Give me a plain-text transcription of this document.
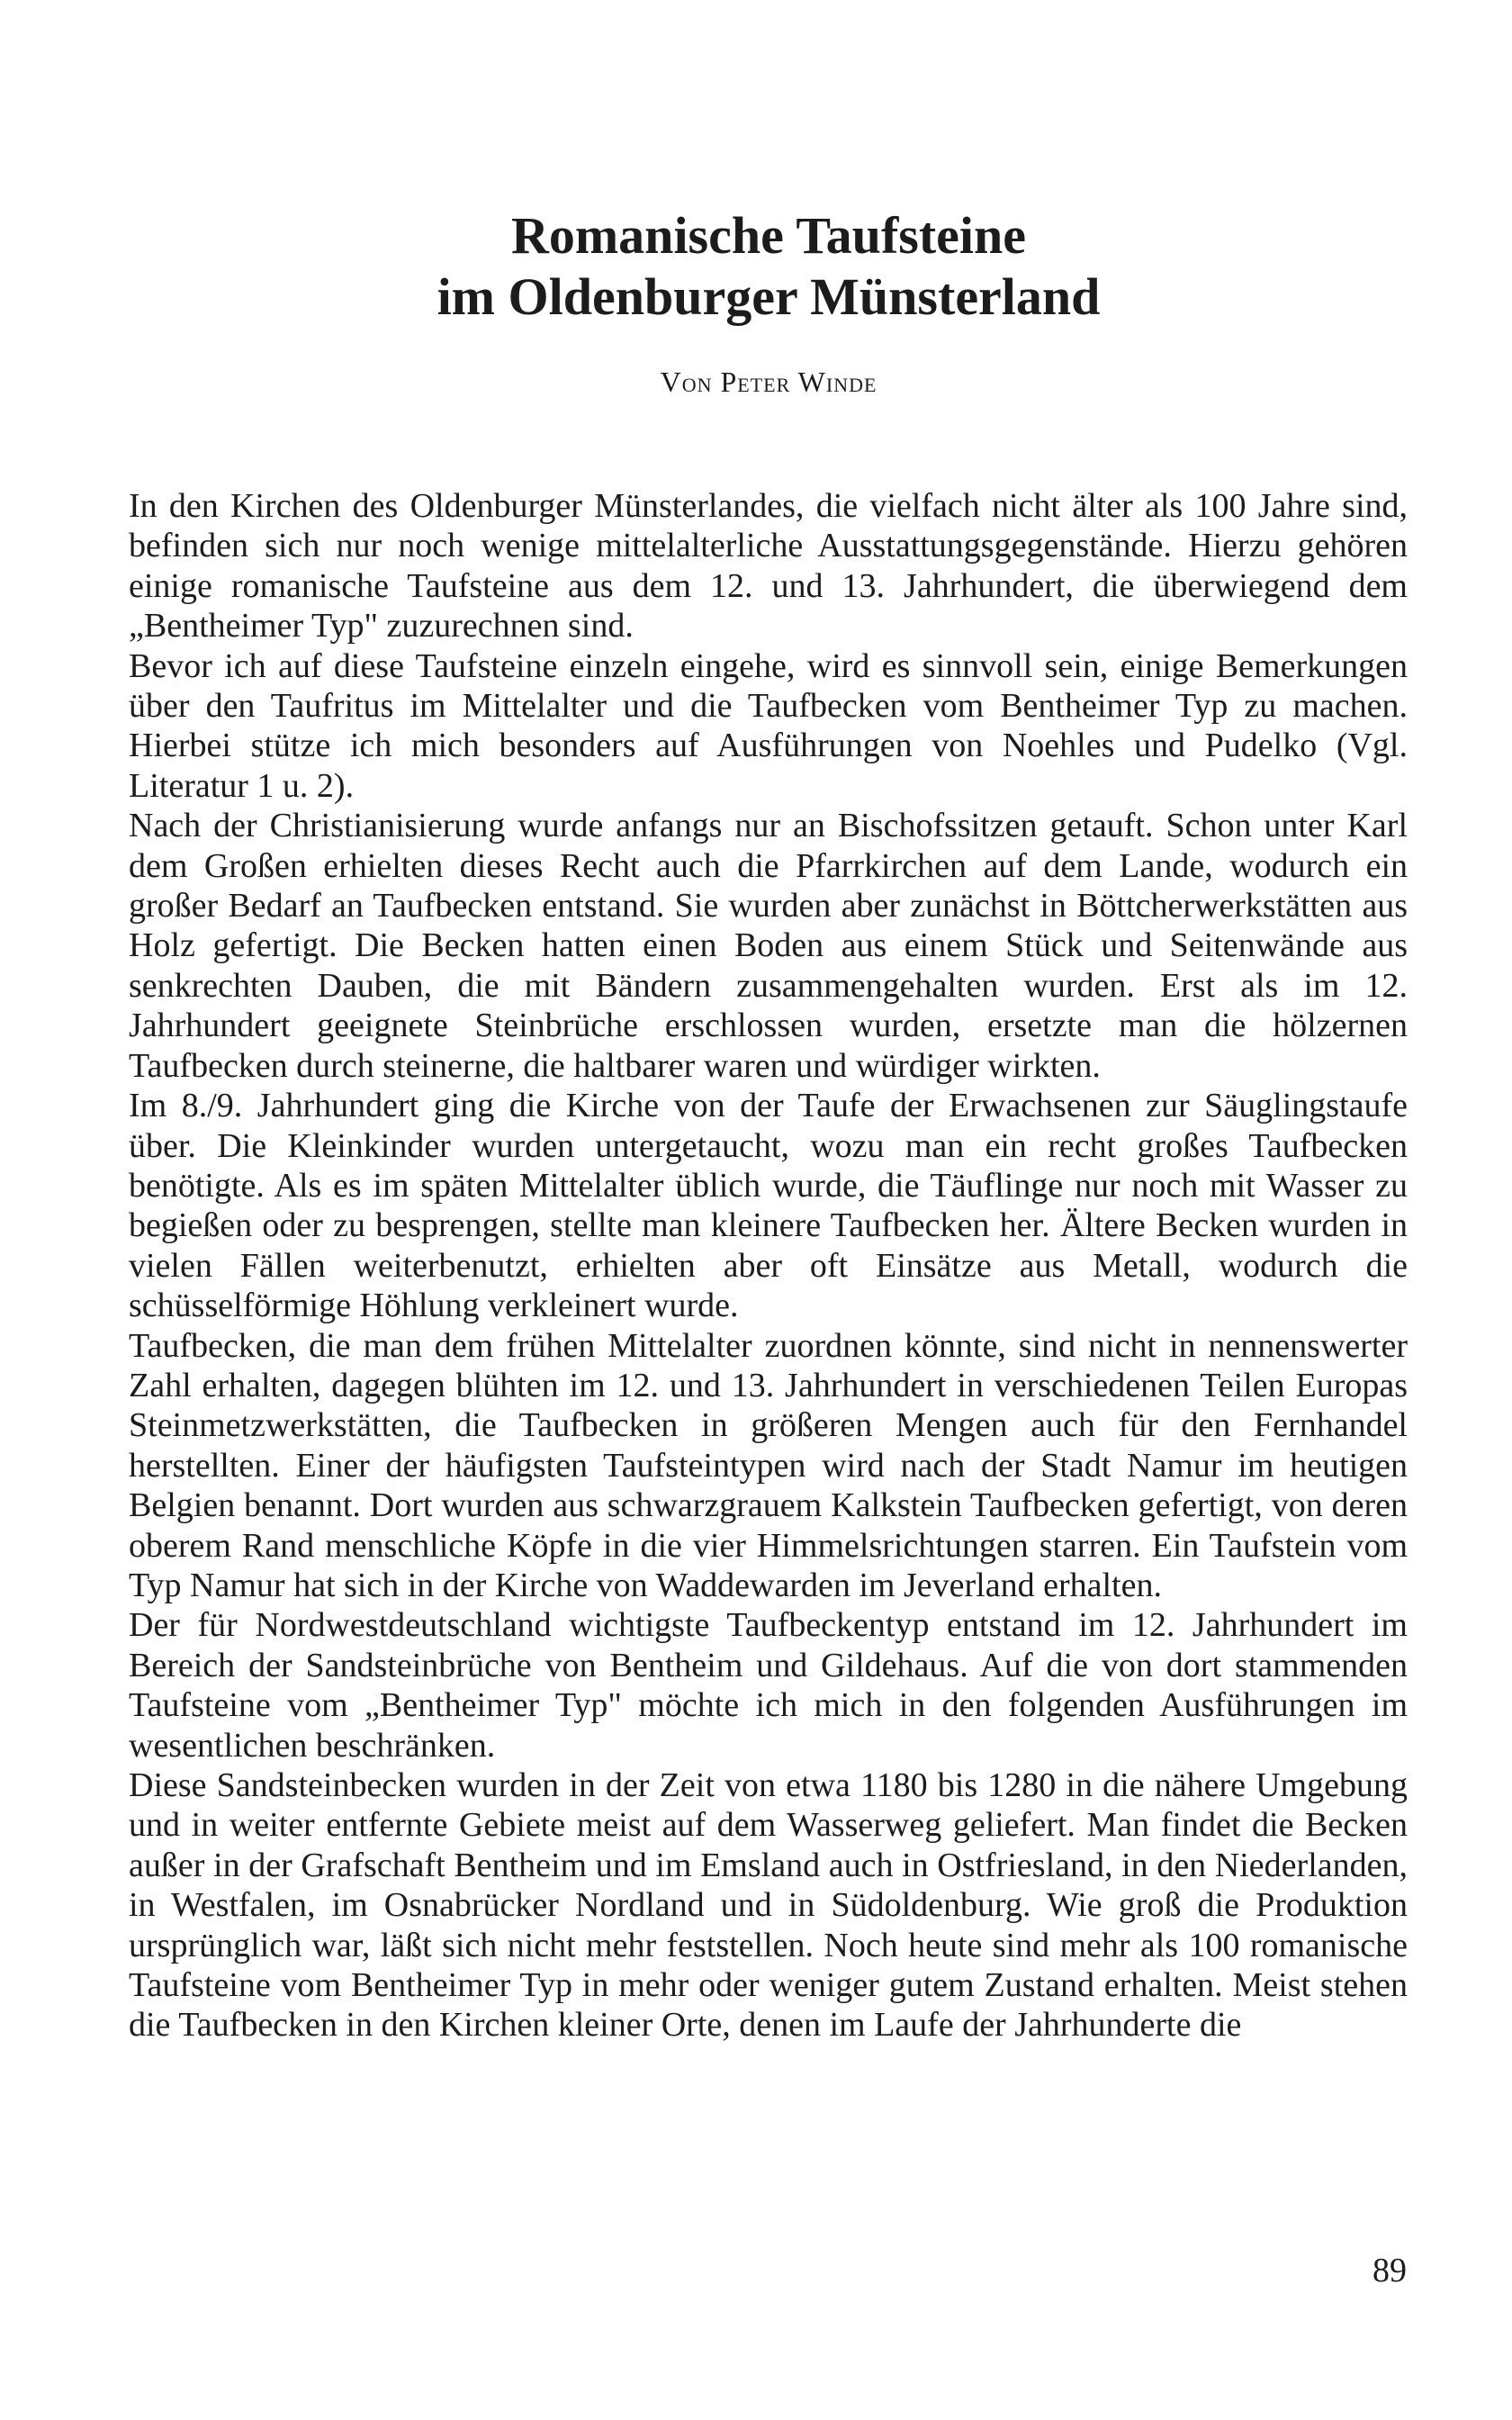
Romanische Taufsteine
im Oldenburger Münsterland
Von Peter Winde

In den Kirchen des Oldenburger Münsterlandes, die vielfach nicht älter als 100 Jahre sind, befinden sich nur noch wenige mittelalterliche Ausstattungsgegenstände. Hierzu gehören einige romanische Taufsteine aus dem 12. und 13. Jahrhundert, die überwiegend dem „Bentheimer Typ" zuzurechnen sind.

Bevor ich auf diese Taufsteine einzeln eingehe, wird es sinnvoll sein, einige Bemerkungen über den Taufritus im Mittelalter und die Taufbecken vom Bentheimer Typ zu machen. Hierbei stütze ich mich besonders auf Ausführungen von Noehles und Pudelko (Vgl. Literatur 1 u. 2).

Nach der Christianisierung wurde anfangs nur an Bischofssitzen getauft. Schon unter Karl dem Großen erhielten dieses Recht auch die Pfarrkirchen auf dem Lande, wodurch ein großer Bedarf an Taufbecken entstand. Sie wurden aber zunächst in Böttcherwerkstätten aus Holz gefertigt. Die Becken hatten einen Boden aus einem Stück und Seitenwände aus senkrechten Dauben, die mit Bändern zusammengehalten wurden. Erst als im 12. Jahrhundert geeignete Steinbrüche erschlossen wurden, ersetzte man die hölzernen Taufbecken durch steinerne, die haltbarer waren und würdiger wirkten.

Im 8./9. Jahrhundert ging die Kirche von der Taufe der Erwachsenen zur Säuglingstaufe über. Die Kleinkinder wurden untergetaucht, wozu man ein recht großes Taufbecken benötigte. Als es im späten Mittelalter üblich wurde, die Täuflinge nur noch mit Wasser zu begießen oder zu besprengen, stellte man kleinere Taufbecken her. Ältere Becken wurden in vielen Fällen weiterbenutzt, erhielten aber oft Einsätze aus Metall, wodurch die schüsselförmige Höhlung verkleinert wurde.

Taufbecken, die man dem frühen Mittelalter zuordnen könnte, sind nicht in nennenswerter Zahl erhalten, dagegen blühten im 12. und 13. Jahrhundert in verschiedenen Teilen Europas Steinmetzwerkstätten, die Taufbecken in größeren Mengen auch für den Fernhandel herstellten. Einer der häufigsten Taufsteintypen wird nach der Stadt Namur im heutigen Belgien benannt. Dort wurden aus schwarzgrauem Kalkstein Taufbecken gefertigt, von deren oberem Rand menschliche Köpfe in die vier Himmelsrichtungen starren. Ein Taufstein vom Typ Namur hat sich in der Kirche von Waddewarden im Jeverland erhalten.

Der für Nordwestdeutschland wichtigste Taufbeckentyp entstand im 12. Jahrhundert im Bereich der Sandsteinbrüche von Bentheim und Gildehaus. Auf die von dort stammenden Taufsteine vom „Bentheimer Typ" möchte ich mich in den folgenden Ausführungen im wesentlichen beschränken.

Diese Sandsteinbecken wurden in der Zeit von etwa 1180 bis 1280 in die nähere Umgebung und in weiter entfernte Gebiete meist auf dem Wasserweg geliefert. Man findet die Becken außer in der Grafschaft Bentheim und im Emsland auch in Ostfriesland, in den Niederlanden, in Westfalen, im Osnabrücker Nordland und in Südoldenburg. Wie groß die Produktion ursprünglich war, läßt sich nicht mehr feststellen. Noch heute sind mehr als 100 romanische Taufsteine vom Bentheimer Typ in mehr oder weniger gutem Zustand erhalten. Meist stehen die Taufbecken in den Kirchen kleiner Orte, denen im Laufe der Jahrhunderte die

89
